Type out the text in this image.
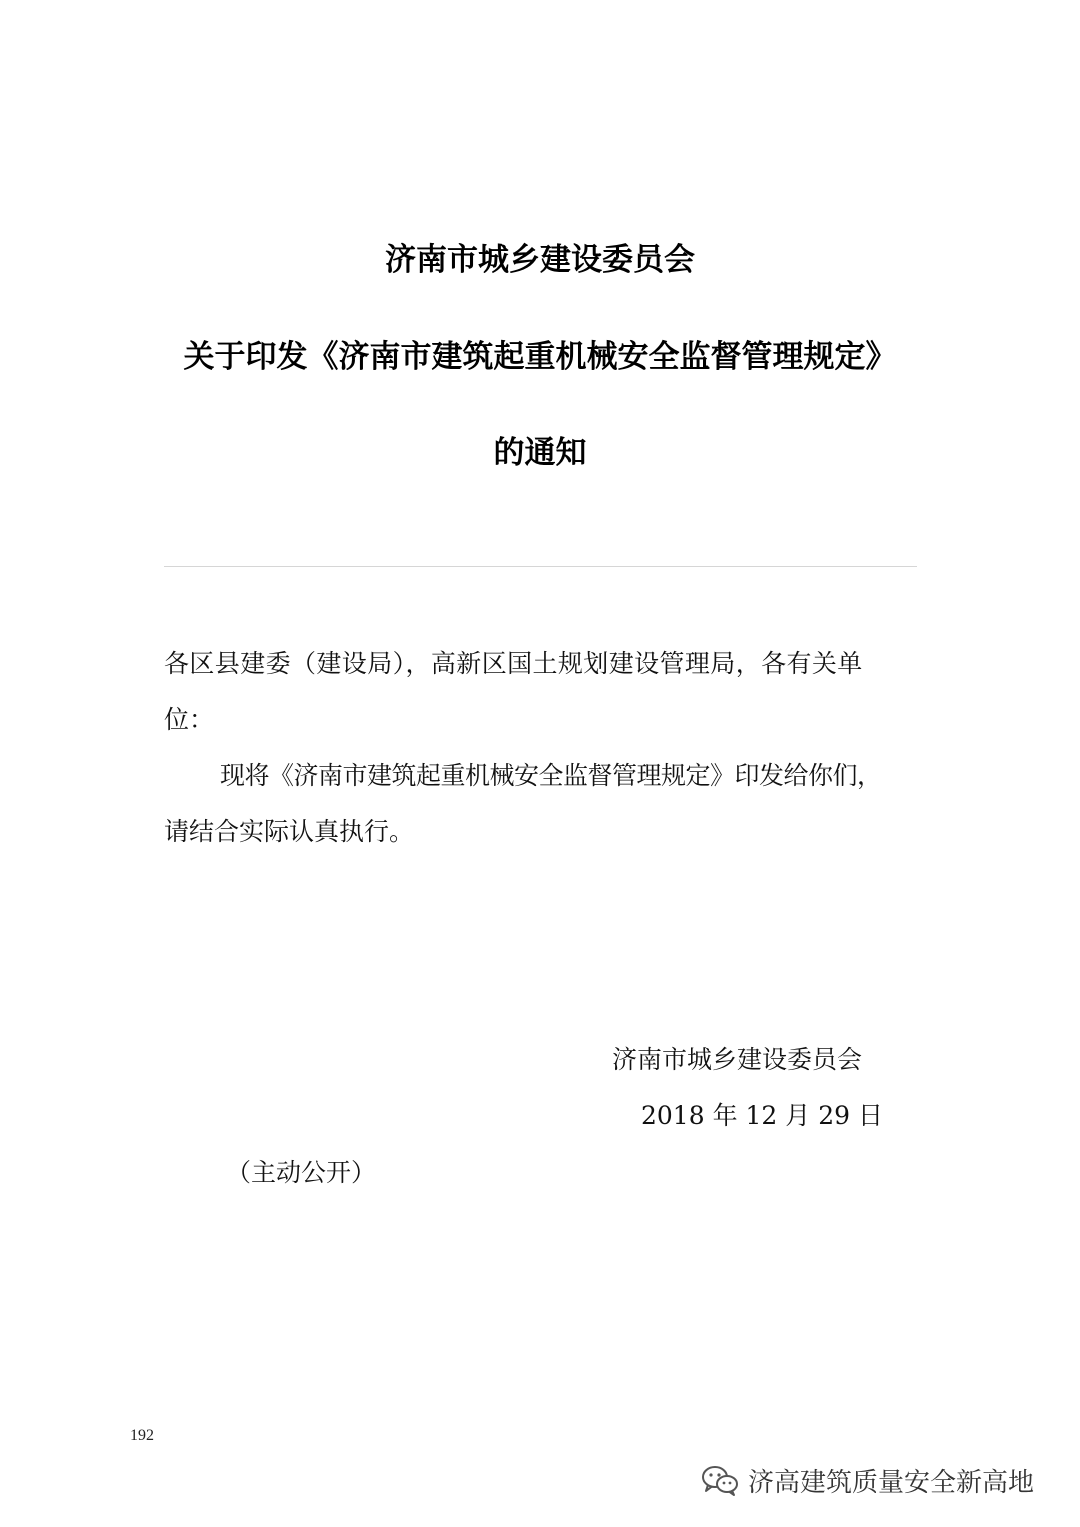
济南市城乡建设委员会
关于印发《济南市建筑起重机械安全监督管理规定》
的通知
各区县建委（建设局），高新区国土规划建设管理局，各有关单
位：
现将《济南市建筑起重机械安全监督管理规定》印发给你们，
请结合实际认真执行。
济南市城乡建设委员会
2018 年 12 月 29 日
（主动公开）
192
济高建筑质量安全新高地
